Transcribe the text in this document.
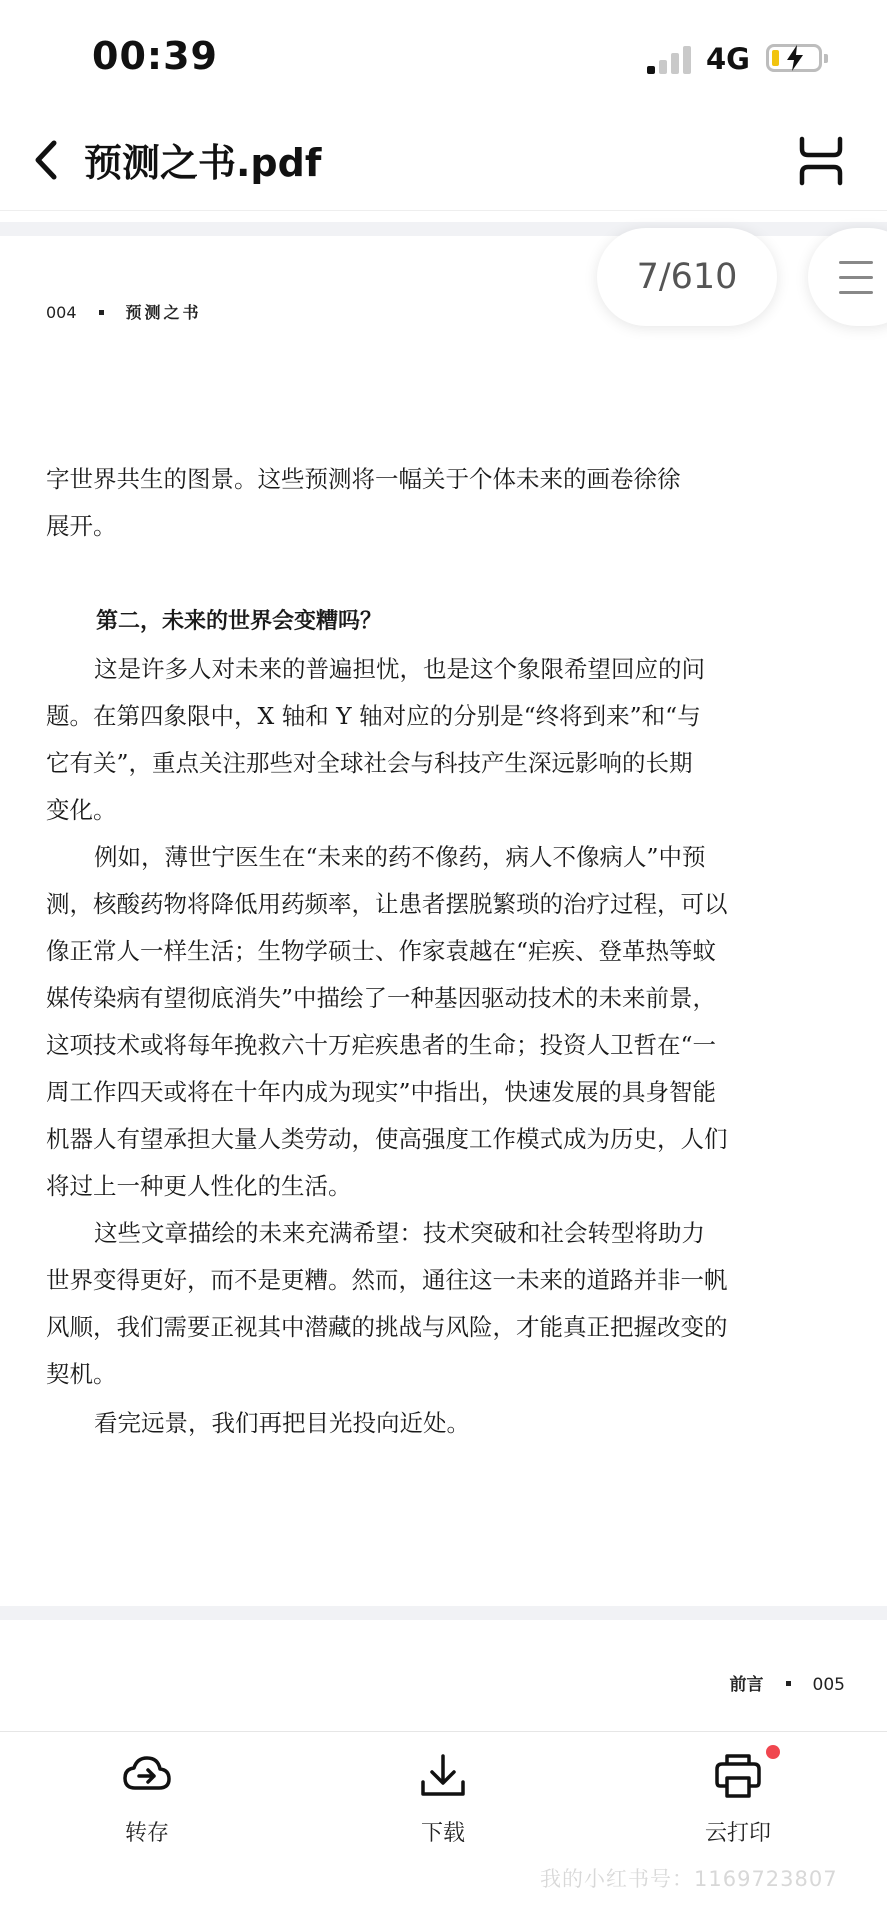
00:39	4G
预测之书.pdf
004	预测之书

字世界共生的图景。这些预测将一幅关于个体未来的画卷徐徐
展开。

第二，未来的世界会变糟吗？

这是许多人对未来的普遍担忧，也是这个象限希望回应的问
题。在第四象限中，X 轴和 Y 轴对应的分别是“终将到来”和“与
它有关”，重点关注那些对全球社会与科技产生深远影响的长期
变化。
例如，薄世宁医生在“未来的药不像药，病人不像病人”中预
测，核酸药物将降低用药频率，让患者摆脱繁琐的治疗过程，可以
像正常人一样生活；生物学硕士、作家袁越在“疟疾、登革热等蚊
媒传染病有望彻底消失”中描绘了一种基因驱动技术的未来前景，
这项技术或将每年挽救六十万疟疾患者的生命；投资人卫哲在“一
周工作四天或将在十年内成为现实”中指出，快速发展的具身智能
机器人有望承担大量人类劳动，使高强度工作模式成为历史，人们
将过上一种更人性化的生活。
这些文章描绘的未来充满希望：技术突破和社会转型将助力
世界变得更好，而不是更糟。然而，通往这一未来的道路并非一帆
风顺，我们需要正视其中潜藏的挑战与风险，才能真正把握改变的
契机。
看完远景，我们再把目光投向近处。
7/610
前言	005
转存	下载	云打印
我的小红书号：1169723807
